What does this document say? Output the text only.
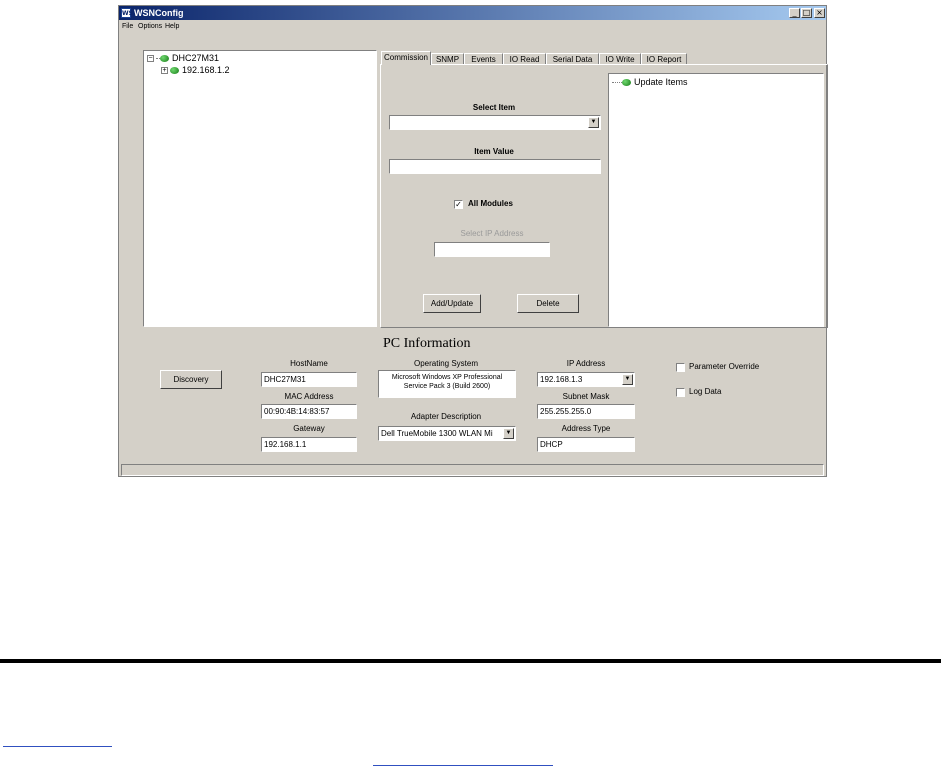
WSN
WSNConfig	_ □ ×
File Options Help
− DHC27M31
+ 192.168.1.2
Commission SNMP	Events	IO Read	Serial Data	IO Write	IO Report
Select Item
▼
Item Value
✓ All Modules
Select IP Address
Add/Update	Delete
Update Items
PC Information
Discovery
HostName
DHC27M31
MAC Address
00:90:4B:14:83:57
Gateway
192.168.1.1
Operating System
Microsoft Windows XP Professional
Service Pack 3 (Build 2600)
Adapter Description
Dell TrueMobile 1300 WLAN Mi	▼
IP Address
192.168.1.3	▼
Subnet Mask
255.255.255.0
Address Type
DHCP
Parameter Override
Log Data
